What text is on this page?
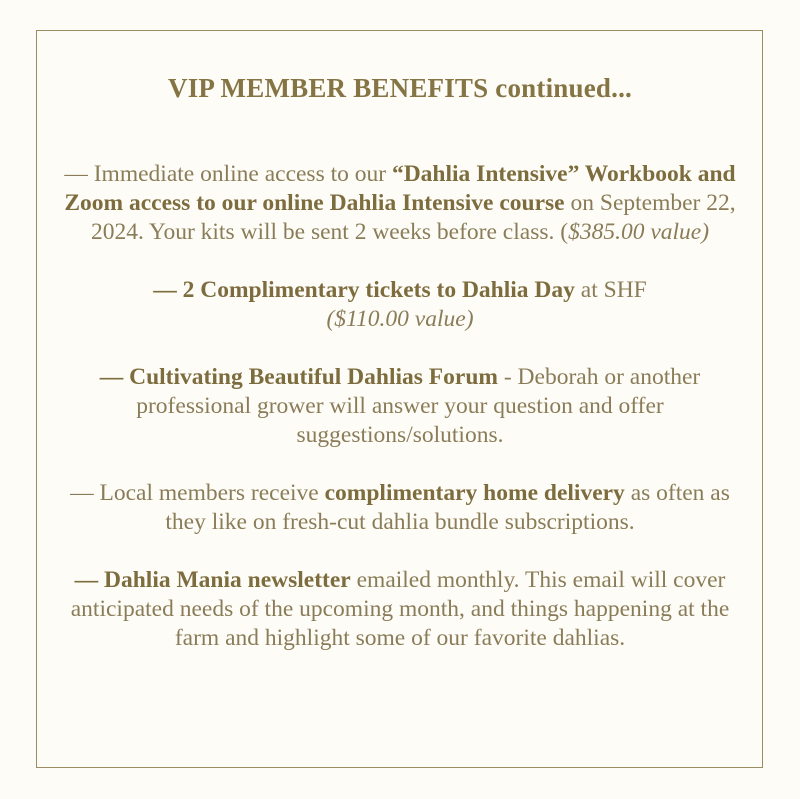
VIP MEMBER BENEFITS continued...

— Immediate online access to our “Dahlia Intensive” Workbook and Zoom access to our online Dahlia Intensive course on September 22, 2024. Your kits will be sent 2 weeks before class. ($385.00 value)

— 2 Complimentary tickets to Dahlia Day at SHF
($110.00 value)

— Cultivating Beautiful Dahlias Forum - Deborah or another professional grower will answer your question and offer suggestions/solutions.

— Local members receive complimentary home delivery as often as they like on fresh-cut dahlia bundle subscriptions.

— Dahlia Mania newsletter emailed monthly. This email will cover anticipated needs of the upcoming month, and things happening at the farm and highlight some of our favorite dahlias.
